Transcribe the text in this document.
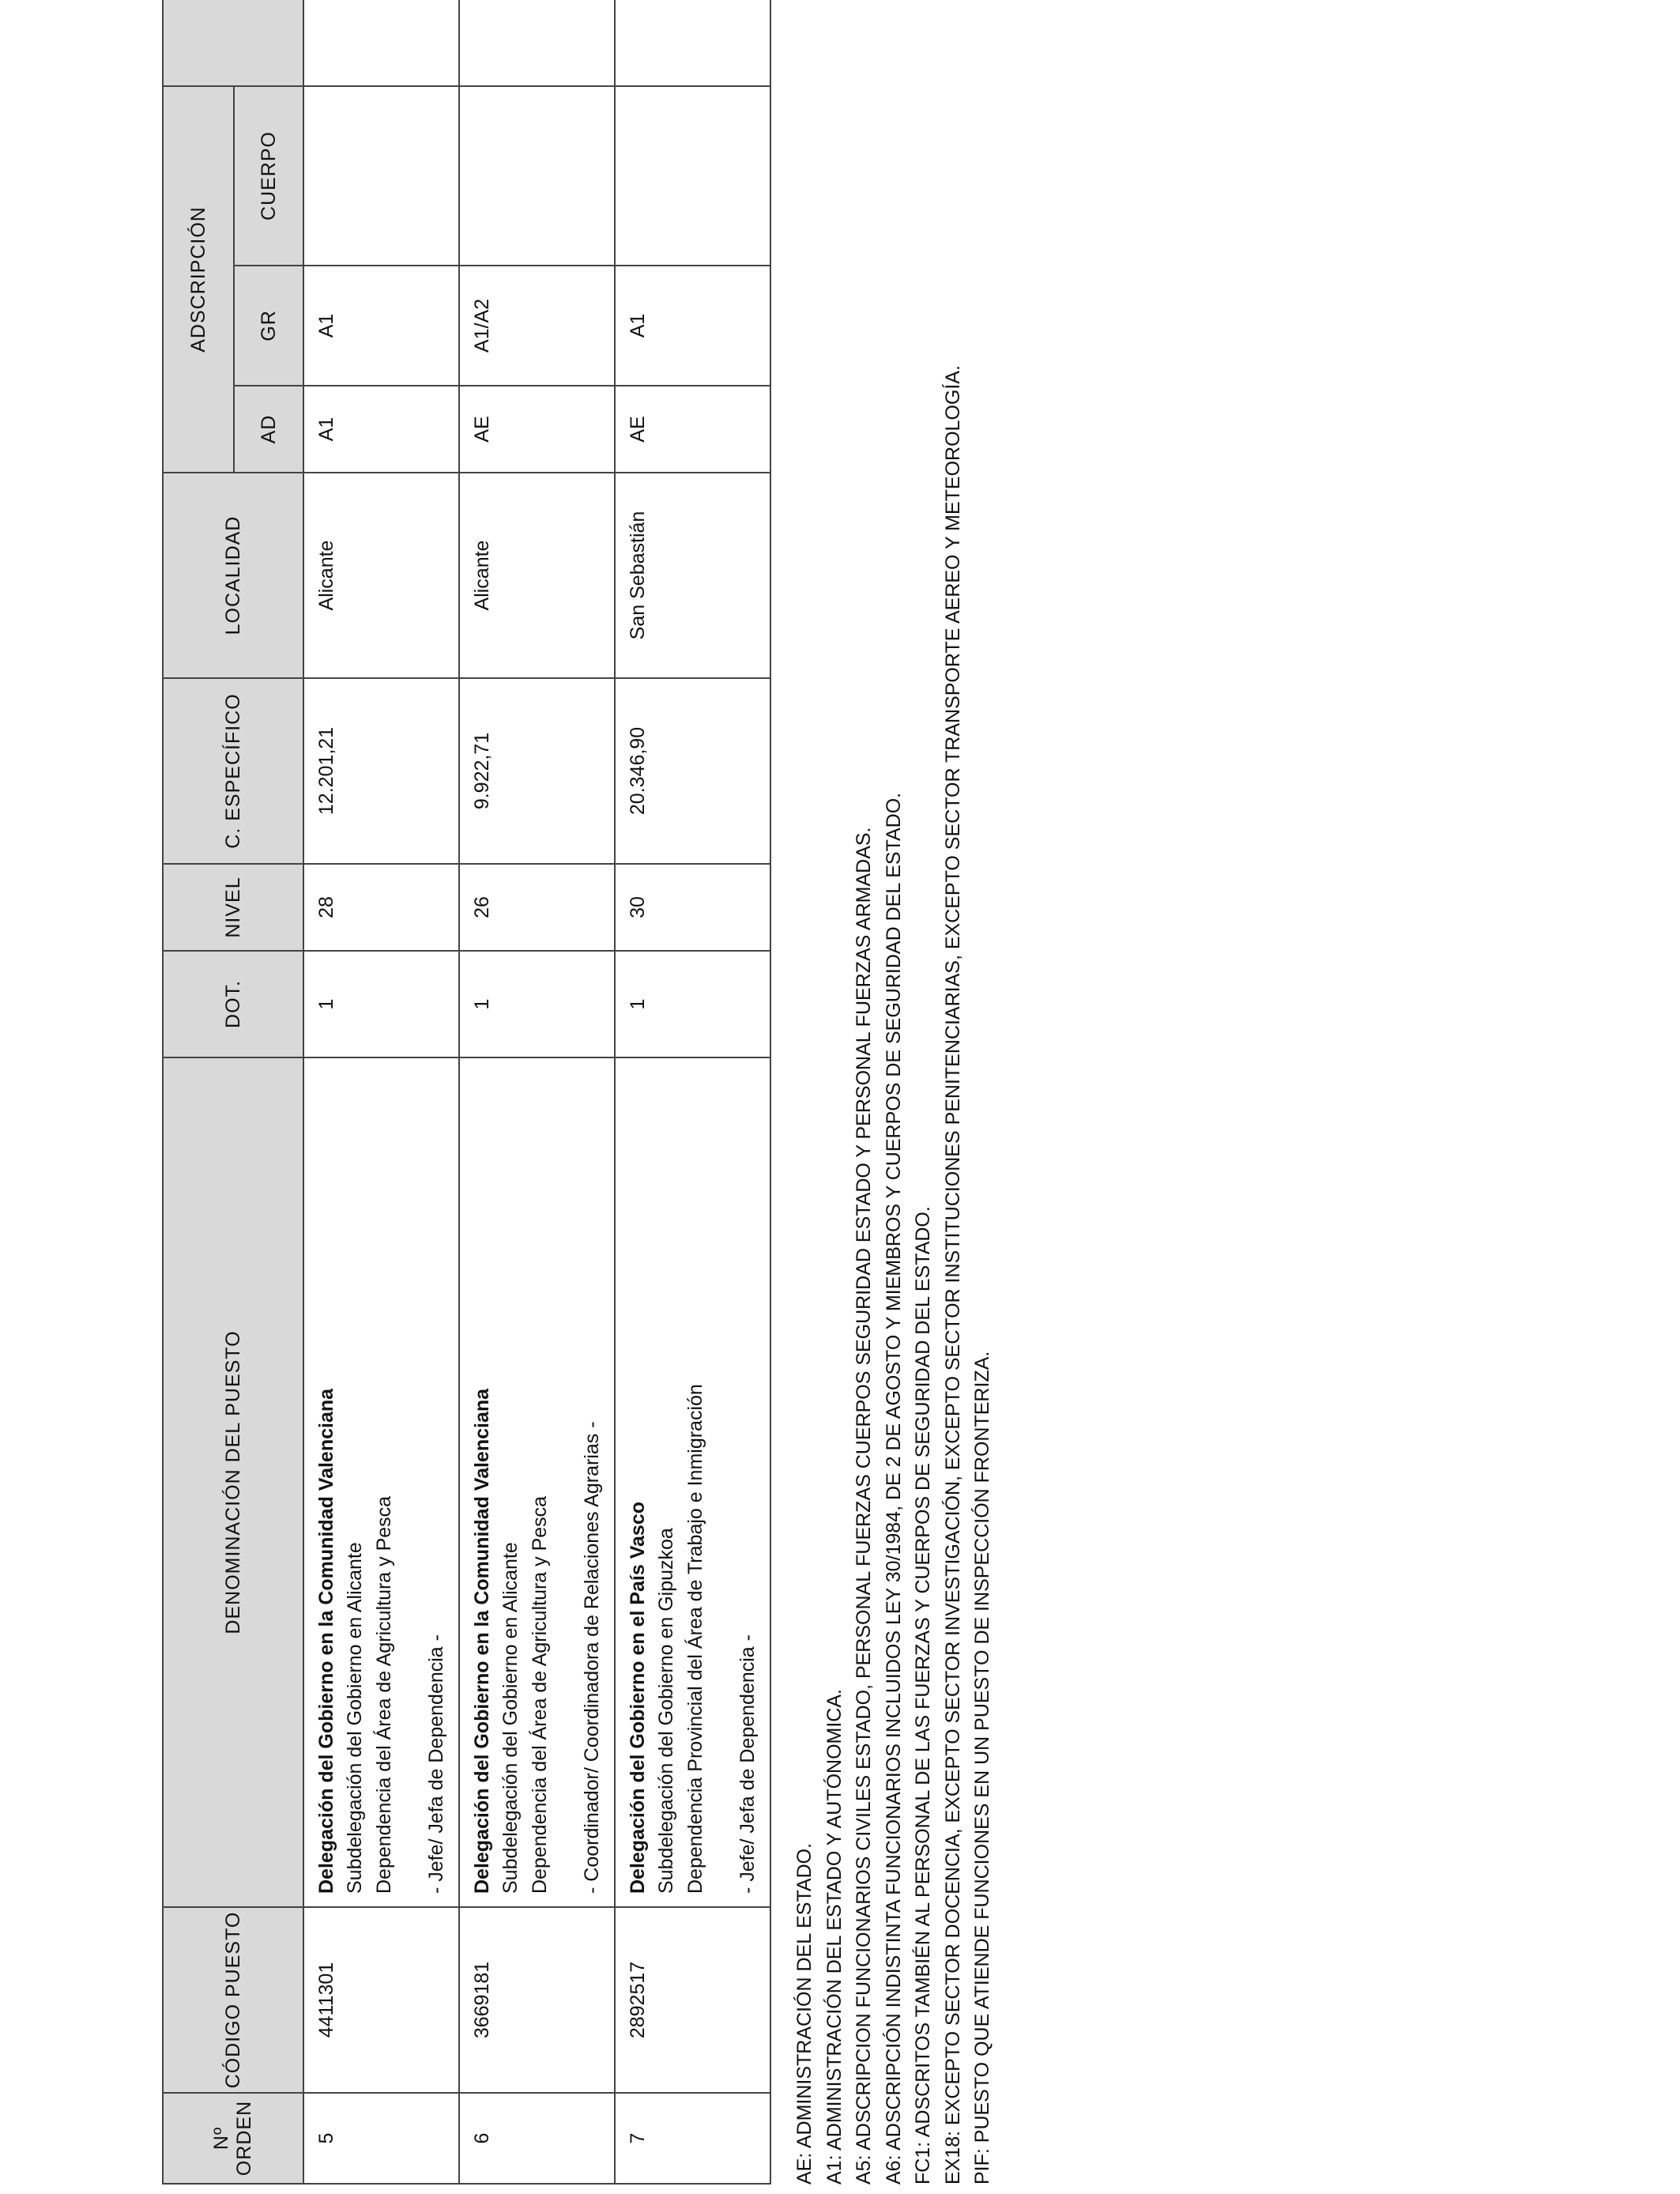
Nº ORDEN	CÓDIGO PUESTO	DENOMINACIÓN DEL PUESTO	DOT.	NIVEL	C. ESPECÍFICO	LOCALIDAD	ADSCRIPCIÓN	
							AD	GR	CUERPO	
5	4411301	Delegación del Gobierno en la Comunidad Valenciana Subdelegación del Gobierno en Alicante Dependencia del Área de Agricultura y Pesca - Jefe/ Jefa de Dependencia -	1	28	12.201,21	Alicante	A1	A1		
6	3669181	Delegación del Gobierno en la Comunidad Valenciana Subdelegación del Gobierno en Alicante Dependencia del Área de Agricultura y Pesca - Coordinador/ Coordinadora de Relaciones Agrarias -	1	26	9.922,71	Alicante	AE	A1/A2		
7	2892517	Delegación del Gobierno en el País Vasco Subdelegación del Gobierno en Gipuzkoa Dependencia Provincial del Área de Trabajo e Inmigración - Jefe/ Jefa de Dependencia -	1	30	20.346,90	San Sebastián	AE	A1		
AE: ADMINISTRACIÓN DEL ESTADO. A1: ADMINISTRACIÓN DEL ESTADO Y AUTÓNOMICA. A5: ADSCRIPCION FUNCIONARIOS CIVILES ESTADO, PERSONAL FUERZAS CUERPOS SEGURIDAD ESTADO Y PERSONAL FUERZAS ARMADAS. A6: ADSCRIPCIÓN INDISTINTA FUNCIONARIOS INCLUIDOS LEY 30/1984, DE 2 DE AGOSTO Y MIEMBROS Y CUERPOS DE SEGURIDAD DEL ESTADO. FC1: ADSCRITOS TAMBIÉN AL PERSONAL DE LAS FUERZAS Y CUERPOS DE SEGURIDAD DEL ESTADO. EX18: EXCEPTO SECTOR DOCENCIA, EXCEPTO SECTOR INVESTIGACIÓN, EXCEPTO SECTOR INSTITUCIONES PENITENCIARIAS, EXCEPTO SECTOR TRANSPORTE AEREO Y METEOROLOGÍA. PIF: PUESTO QUE ATIENDE FUNCIONES EN UN PUESTO DE INSPECCIÓN FRONTERIZA.
